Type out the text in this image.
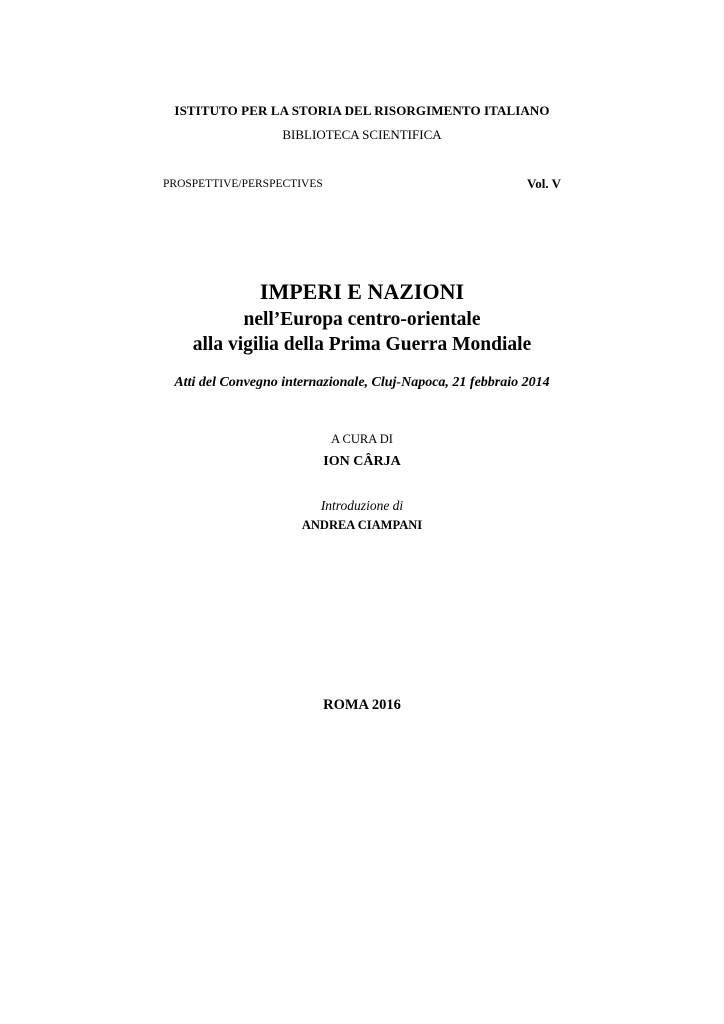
ISTITUTO PER LA STORIA DEL RISORGIMENTO ITALIANO

BIBLIOTECA SCIENTIFICA

PROSPETTIVE/PERSPECTIVES	Vol. V

IMPERI E NAZIONI
nell’Europa centro-orientale
alla vigilia della Prima Guerra Mondiale

Atti del Convegno internazionale, Cluj-Napoca, 21 febbraio 2014

A CURA DI

ION CÂRJA

Introduzione di

ANDREA CIAMPANI

ROMA 2016
